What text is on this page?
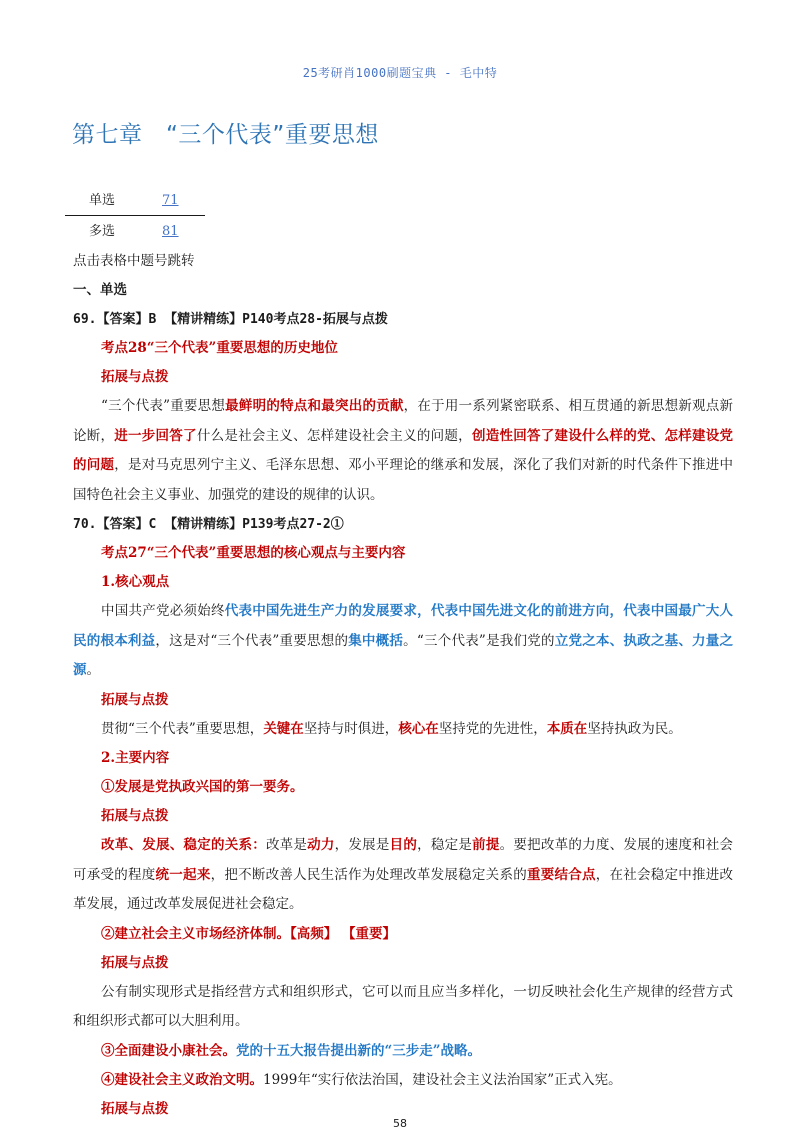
25考研肖1000刷题宝典 - 毛中特
第七章　“三个代表”重要思想
单选	71
多选	81

点击表格中题号跳转

一、单选

69.【答案】B 【精讲精练】P140考点28-拓展与点拨

考点28“三个代表”重要思想的历史地位

拓展与点拨

“三个代表”重要思想最鲜明的特点和最突出的贡献，在于用一系列紧密联系、相互贯通的新思想新观点新论断，进一步回答了什么是社会主义、怎样建设社会主义的问题，创造性回答了建设什么样的党、怎样建设党的问题，是对马克思列宁主义、毛泽东思想、邓小平理论的继承和发展，深化了我们对新的时代条件下推进中国特色社会主义事业、加强党的建设的规律的认识。

70.【答案】C 【精讲精练】P139考点27-2①

考点27“三个代表”重要思想的核心观点与主要内容

1.核心观点

中国共产党必须始终代表中国先进生产力的发展要求，代表中国先进文化的前进方向，代表中国最广大人民的根本利益，这是对“三个代表”重要思想的集中概括。“三个代表”是我们党的立党之本、执政之基、力量之源。

拓展与点拨

贯彻“三个代表”重要思想，关键在坚持与时俱进，核心在坚持党的先进性，本质在坚持执政为民。

2.主要内容

①发展是党执政兴国的第一要务。

拓展与点拨

改革、发展、稳定的关系：改革是动力，发展是目的，稳定是前提。要把改革的力度、发展的速度和社会可承受的程度统一起来，把不断改善人民生活作为处理改革发展稳定关系的重要结合点，在社会稳定中推进改革发展，通过改革发展促进社会稳定。

②建立社会主义市场经济体制。【高频】 【重要】

拓展与点拨

公有制实现形式是指经营方式和组织形式，它可以而且应当多样化，一切反映社会化生产规律的经营方式和组织形式都可以大胆利用。

③全面建设小康社会。党的十五大报告提出新的“三步走”战略。

④建设社会主义政治文明。1999年“实行依法治国，建设社会主义法治国家”正式入宪。

拓展与点拨

58
